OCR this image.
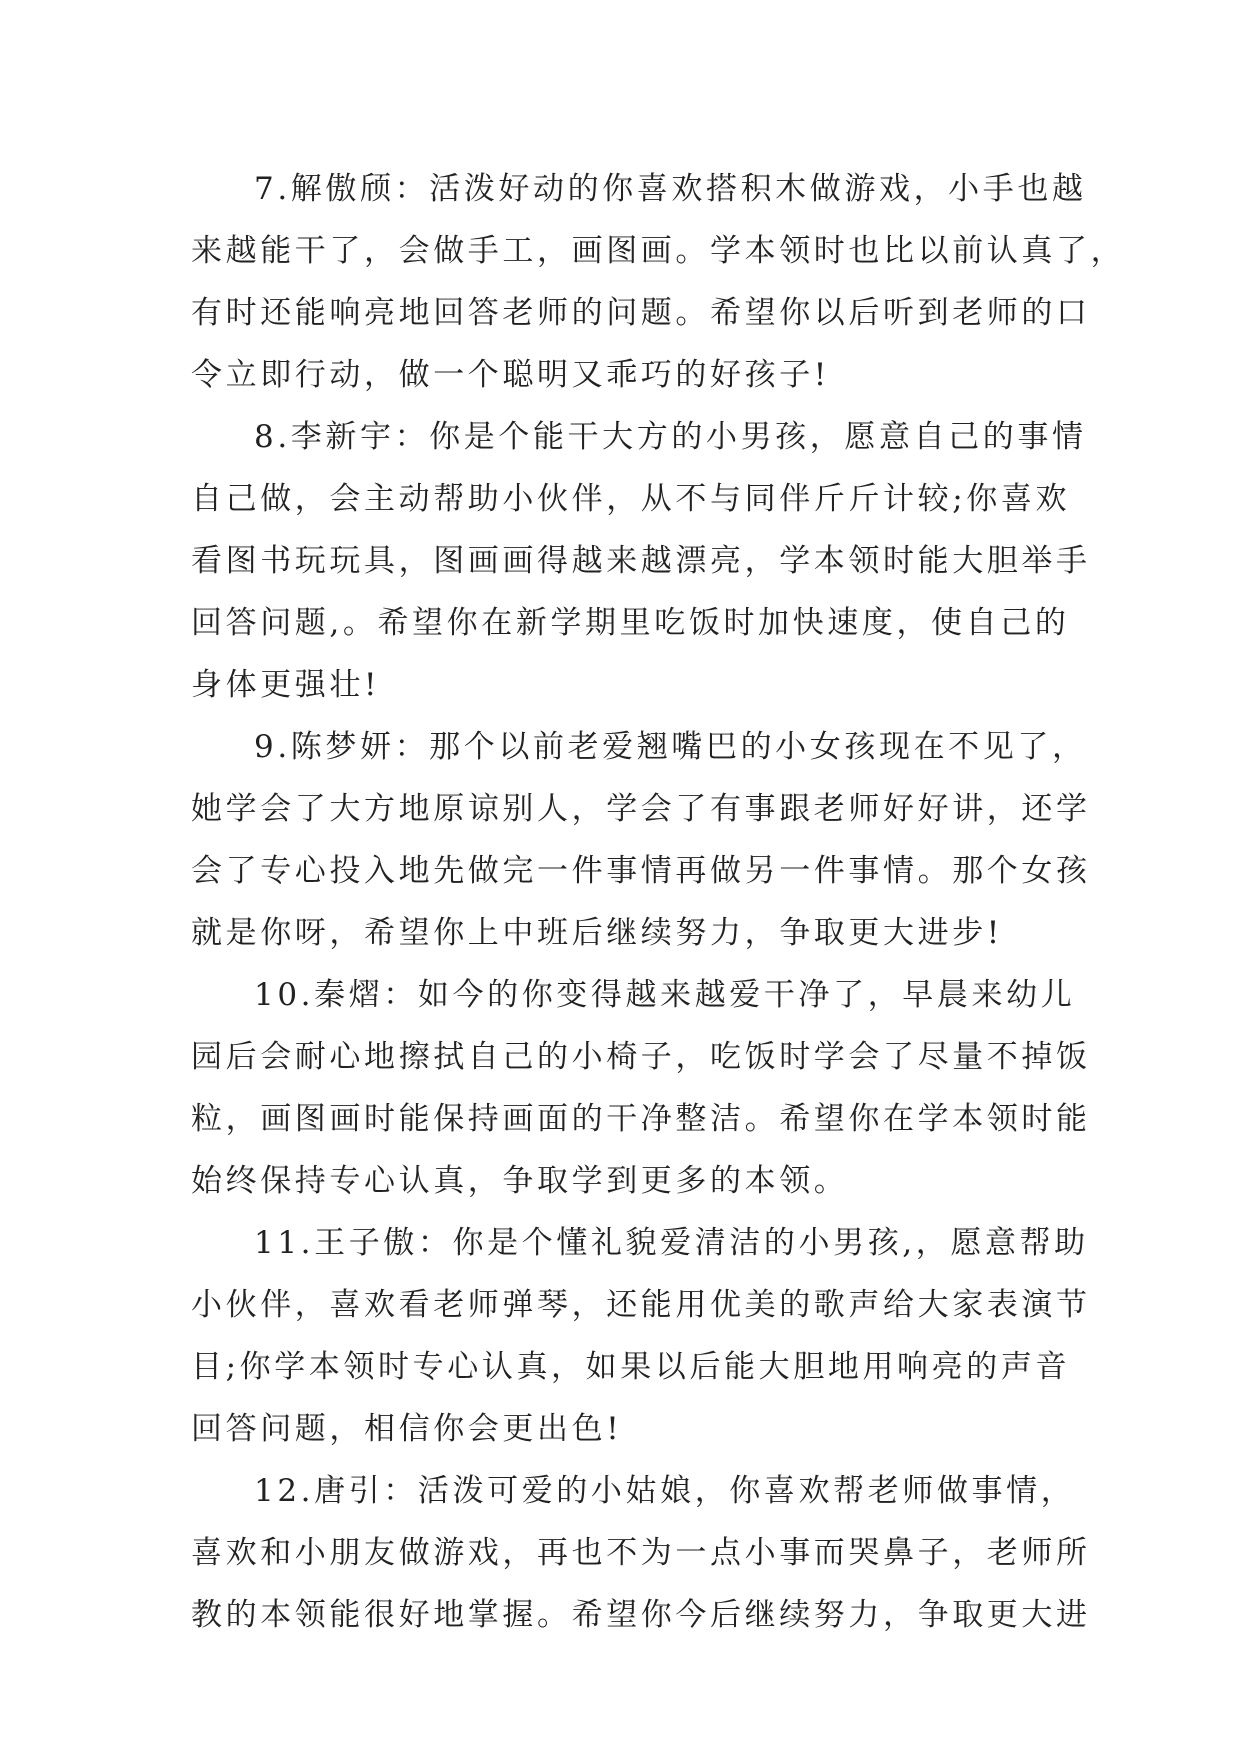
7.解傲颀：活泼好动的你喜欢搭积木做游戏，小手也越
来越能干了，会做手工，画图画。学本领时也比以前认真了，
有时还能响亮地回答老师的问题。希望你以后听到老师的口
令立即行动，做一个聪明又乖巧的好孩子!
8.李新宇：你是个能干大方的小男孩，愿意自己的事情
自己做，会主动帮助小伙伴，从不与同伴斤斤计较;你喜欢
看图书玩玩具，图画画得越来越漂亮，学本领时能大胆举手
回答问题,。希望你在新学期里吃饭时加快速度，使自己的
身体更强壮!
9.陈梦妍：那个以前老爱翘嘴巴的小女孩现在不见了，
她学会了大方地原谅别人，学会了有事跟老师好好讲，还学
会了专心投入地先做完一件事情再做另一件事情。那个女孩
就是你呀，希望你上中班后继续努力，争取更大进步!
10.秦熠：如今的你变得越来越爱干净了，早晨来幼儿
园后会耐心地擦拭自己的小椅子，吃饭时学会了尽量不掉饭
粒，画图画时能保持画面的干净整洁。希望你在学本领时能
始终保持专心认真，争取学到更多的本领。
11.王子傲：你是个懂礼貌爱清洁的小男孩,，愿意帮助
小伙伴，喜欢看老师弹琴，还能用优美的歌声给大家表演节
目;你学本领时专心认真，如果以后能大胆地用响亮的声音
回答问题，相信你会更出色!
12.唐引：活泼可爱的小姑娘，你喜欢帮老师做事情，
喜欢和小朋友做游戏，再也不为一点小事而哭鼻子，老师所
教的本领能很好地掌握。希望你今后继续努力，争取更大进
